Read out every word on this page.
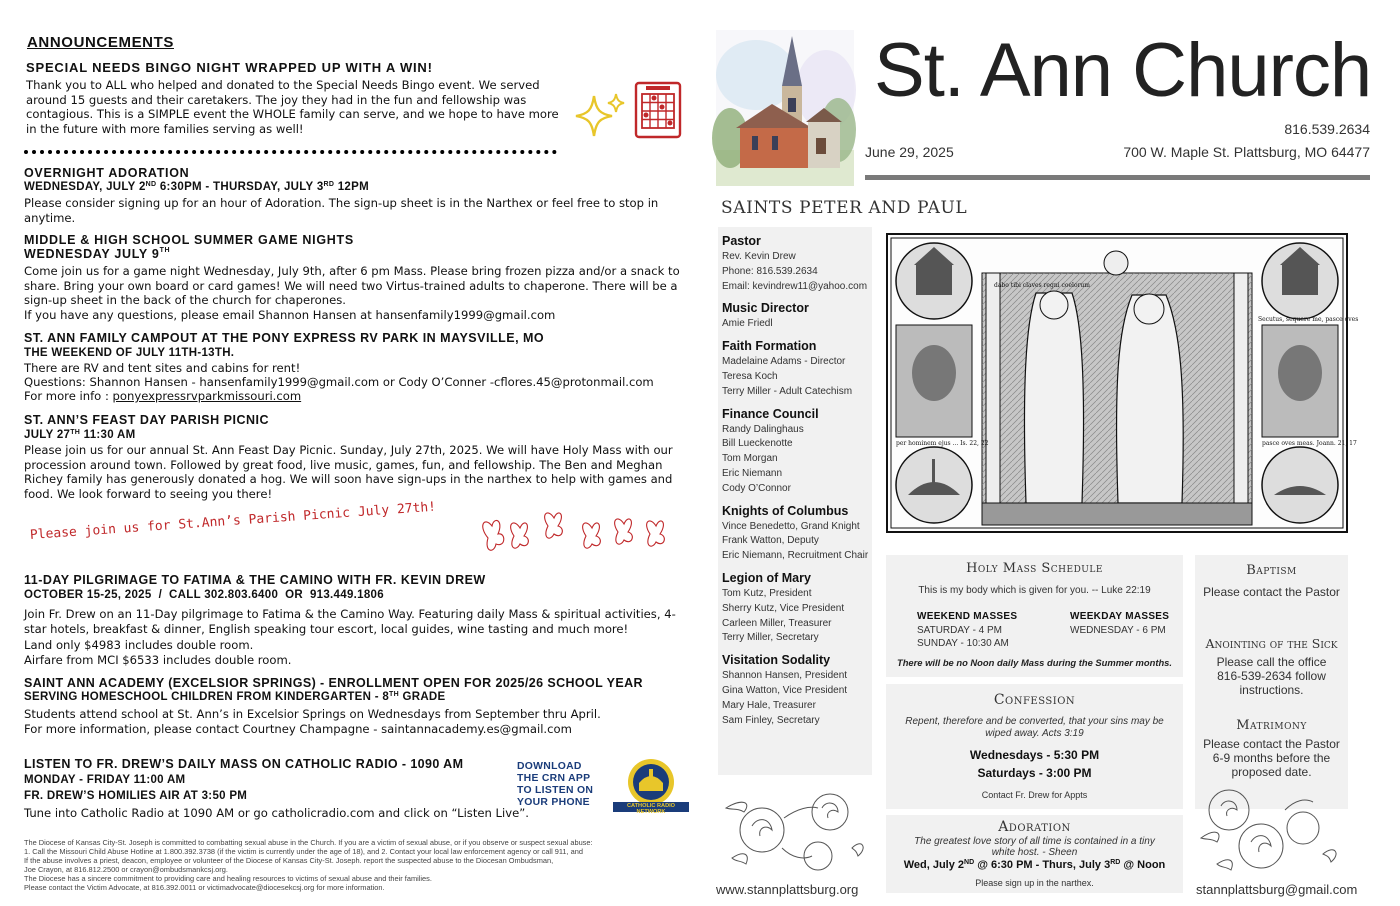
ANNOUNCEMENTS
SPECIAL NEEDS BINGO NIGHT WRAPPED UP WITH A WIN!
Thank you to ALL who helped and donated to the Special Needs Bingo event. We served around 15 guests and their caretakers. The joy they had in the fun and fellowship was contagious. This is a SIMPLE event the WHOLE family can serve, and we hope to have more in the future with more families serving as well!
OVERNIGHT ADORATION
WEDNESDAY, JULY 2ND 6:30PM - THURSDAY, JULY 3RD 12PM
Please consider signing up for an hour of Adoration. The sign-up sheet is in the Narthex or feel free to stop in anytime.
MIDDLE & HIGH SCHOOL SUMMER GAME NIGHTS
WEDNESDAY JULY 9TH
Come join us for a game night Wednesday, July 9th, after 6 pm Mass. Please bring frozen pizza and/or a snack to share. Bring your own board or card games! We will need two Virtus-trained adults to chaperone. There will be a sign-up sheet in the back of the church for chaperones.
If you have any questions, please email Shannon Hansen at hansenfamily1999@gmail.com
ST. ANN FAMILY CAMPOUT AT THE PONY EXPRESS RV PARK IN MAYSVILLE, MO
THE WEEKEND OF JULY 11TH-13TH.
There are RV and tent sites and cabins for rent!
Questions: Shannon Hansen - hansenfamily1999@gmail.com or Cody O’Conner -cflores.45@protonmail.com
For more info : ponyexpressrvparkmissouri.com
ST. ANN’S FEAST DAY PARISH PICNIC
JULY 27TH 11:30 AM
Please join us for our annual St. Ann Feast Day Picnic. Sunday, July 27th, 2025. We will have Holy Mass with our procession around town. Followed by great food, live music, games, fun, and fellowship. The Ben and Meghan Richey family has generously donated a hog. We will soon have sign-ups in the narthex to help with games and food. We look forward to seeing you there!
Please join us for St.Ann’s Parish Picnic July 27th!
11-DAY PILGRIMAGE TO FATIMA & THE CAMINO WITH FR. KEVIN DREW
OCTOBER 15-25, 2025  /  CALL 302.803.6400  OR  913.449.1806
Join Fr. Drew on an 11-Day pilgrimage to Fatima & the Camino Way. Featuring daily Mass & spiritual activities, 4-star hotels, breakfast & dinner, English speaking tour escort, local guides, wine tasting and much more!
Land only $4983 includes double room.
Airfare from MCI $6533 includes double room.
SAINT ANN ACADEMY (EXCELSIOR SPRINGS) - ENROLLMENT OPEN FOR 2025/26 SCHOOL YEAR
SERVING HOMESCHOOL CHILDREN FROM KINDERGARTEN - 8TH GRADE
Students attend school at St. Ann’s in Excelsior Springs on Wednesdays from September thru April.
For more information, please contact Courtney Champagne - saintannacademy.es@gmail.com
LISTEN TO FR. DREW’S DAILY MASS ON CATHOLIC RADIO - 1090 AM
MONDAY - FRIDAY 11:00 AM
FR. DREW’S HOMILIES AIR AT 3:50 PM
Tune into Catholic Radio at 1090 AM or go catholicradio.com and click on “Listen Live”.
DOWNLOAD
THE CRN APP
TO LISTEN ON
YOUR PHONE	CATHOLIC RADIO NETWORK
The Diocese of Kansas City-St. Joseph is committed to combatting sexual abuse in the Church. If you are a victim of sexual abuse, or if you observe or suspect sexual abuse:
1. Call the Missouri Child Abuse Hotline at 1.800.392.3738 (if the victim is currently under the age of 18), and 2. Contact your local law enforcement agency or call 911, and
If the abuse involves a priest, deacon, employee or volunteer of the Diocese of Kansas City-St. Joseph. report the suspected abuse to the Diocesan Ombudsman,
Joe Crayon, at 816.812.2500 or crayon@ombudsmankcsj.org.
The Diocese has a sincere commitment to providing care and healing resources to victims of sexual abuse and their families.
Please contact the Victim Advocate, at 816.392.0011 or victimadvocate@diocesekcsj.org for more information.
St. Ann Church
816.539.2634
June 29, 2025	700 W. Maple St. Plattsburg, MO 64477
SAINTS PETER AND PAUL
Pastor
Rev. Kevin Drew
Phone: 816.539.2634
Email: kevindrew11@yahoo.com
Music Director
Amie Friedl
Faith Formation
Madelaine Adams - Director
Teresa Koch
Terry Miller - Adult Catechism
Finance Council
Randy Dalinghaus
Bill Lueckenotte
Tom Morgan
Eric Niemann
Cody O’Connor
Knights of Columbus
Vince Benedetto, Grand Knight
Frank Watton, Deputy
Eric Niemann, Recruitment Chair
Legion of Mary
Tom Kutz, President
Sherry Kutz, Vice President
Carleen Miller, Treasurer
Terry Miller, Secretary
Visitation Sodality
Shannon Hansen, President
Gina Watton, Vice President
Mary Hale, Treasurer
Sam Finley, Secretary
dabo tibi claves regni coelorum
Secutus, sequere me, pasce oves
per hominem ejus ... Is. 22, 22	pasce oves meas. Joann. 21, 17
Holy Mass Schedule
This is my body which is given for you. -- Luke 22:19
WEEKEND MASSES
SATURDAY - 4 PM
SUNDAY - 10:30 AM
WEEKDAY MASSES
WEDNESDAY - 6 PM
There will be no Noon daily Mass during the Summer months.
Confession
Repent, therefore and be converted, that your sins may be wiped away. Acts 3:19
Wednesdays - 5:30 PM
Saturdays - 3:00 PM
Contact Fr. Drew for Appts
Adoration
The greatest love story of all time is contained in a tiny white host. - Sheen
Wed, July 2ND @ 6:30 PM - Thurs, July 3RD @ Noon
Please sign up in the narthex.
Baptism
Please contact the Pastor
Anointing of the Sick
Please call the office 816-539-2634 follow instructions.
Matrimony
Please contact the Pastor 6-9 months before the proposed date.
www.stannplattsburg.org	stannplattsburg@gmail.com
